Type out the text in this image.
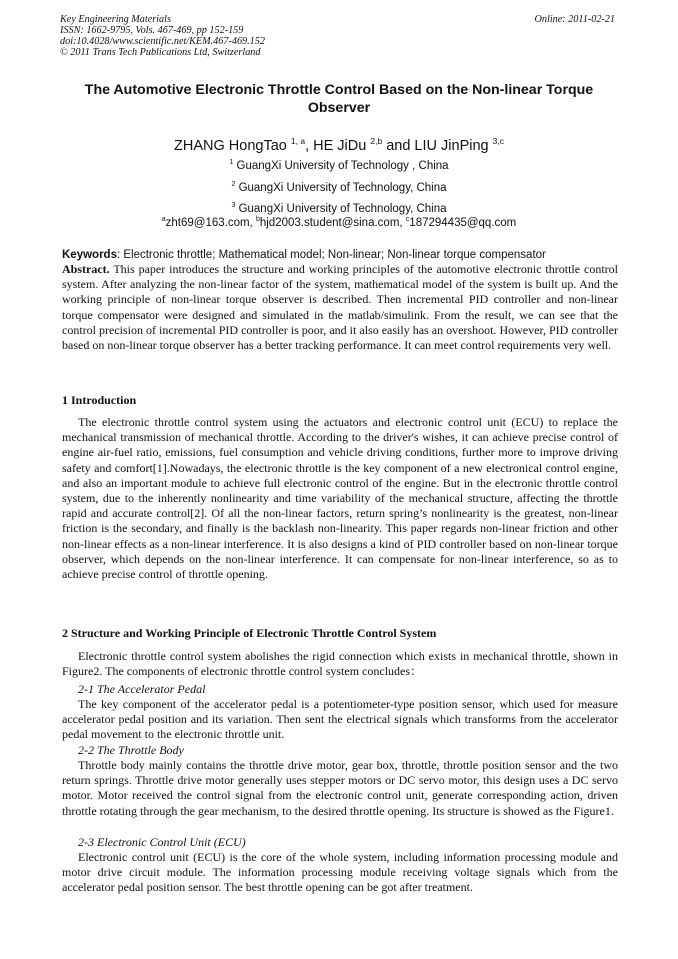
Key Engineering Materials
ISSN: 1662-9795, Vols. 467-469, pp 152-159
doi:10.4028/www.scientific.net/KEM.467-469.152
© 2011 Trans Tech Publications Ltd, Switzerland
Online: 2011-02-21
The Automotive Electronic Throttle Control Based on the Non-linear Torque Observer
ZHANG HongTao $^{1, a}$, HE JiDu $^{2,b}$ and LIU JinPing $^{3,c}$
$^1$ GuangXi University of Technology , China
$^2$ GuangXi University of Technology, China
$^3$ GuangXi University of Technology, China
$^a$zht69@163.com, $^b$hjd2003.student@sina.com, $^c$187294435@qq.com
Keywords: Electronic throttle; Mathematical model; Non-linear; Non-linear torque compensator
Abstract. This paper introduces the structure and working principles of the automotive electronic throttle control system. After analyzing the non-linear factor of the system, mathematical model of the system is built up. And the working principle of non-linear torque observer is described. Then incremental PID controller and non-linear torque compensator were designed and simulated in the matlab/simulink. From the result, we can see that the control precision of incremental PID controller is poor, and it also easily has an overshoot. However, PID controller based on non-linear torque observer has a better tracking performance. It can meet control requirements very well.
1 Introduction
The electronic throttle control system using the actuators and electronic control unit (ECU) to replace the mechanical transmission of mechanical throttle. According to the driver's wishes, it can achieve precise control of engine air-fuel ratio, emissions, fuel consumption and vehicle driving conditions, further more to improve driving safety and comfort[1].Nowadays, the electronic throttle is the key component of a new electronical control engine, and also an important module to achieve full electronic control of the engine. But in the electronic throttle control system, due to the inherently nonlinearity and time variability of the mechanical structure, affecting the throttle rapid and accurate control[2]. Of all the non-linear factors, return spring’s nonlinearity is the greatest, non-linear friction is the secondary, and finally is the backlash non-linearity. This paper regards non-linear friction and other non-linear effects as a non-linear interference. It is also designs a kind of PID controller based on non-linear torque observer, which depends on the non-linear interference. It can compensate for non-linear interference, so as to achieve precise control of throttle opening.
2 Structure and Working Principle of Electronic Throttle Control System
Electronic throttle control system abolishes the rigid connection which exists in mechanical throttle, shown in Figure2. The components of electronic throttle control system concludes：
2-1 The Accelerator Pedal
The key component of the accelerator pedal is a potentiometer-type position sensor, which used for measure accelerator pedal position and its variation. Then sent the electrical signals which transforms from the accelerator pedal movement to the electronic throttle unit.
2-2 The Throttle Body
Throttle body mainly contains the throttle drive motor, gear box, throttle, throttle position sensor and the two return springs. Throttle drive motor generally uses stepper motors or DC servo motor, this design uses a DC servo motor. Motor received the control signal from the electronic control unit, generate corresponding action, driven throttle rotating through the gear mechanism, to the desired throttle opening. Its structure is showed as the Figure1.
2-3 Electronic Control Unit (ECU)
Electronic control unit (ECU) is the core of the whole system, including information processing module and motor drive circuit module. The information processing module receiving voltage signals which from the accelerator pedal position sensor. The best throttle opening can be got after treatment.
